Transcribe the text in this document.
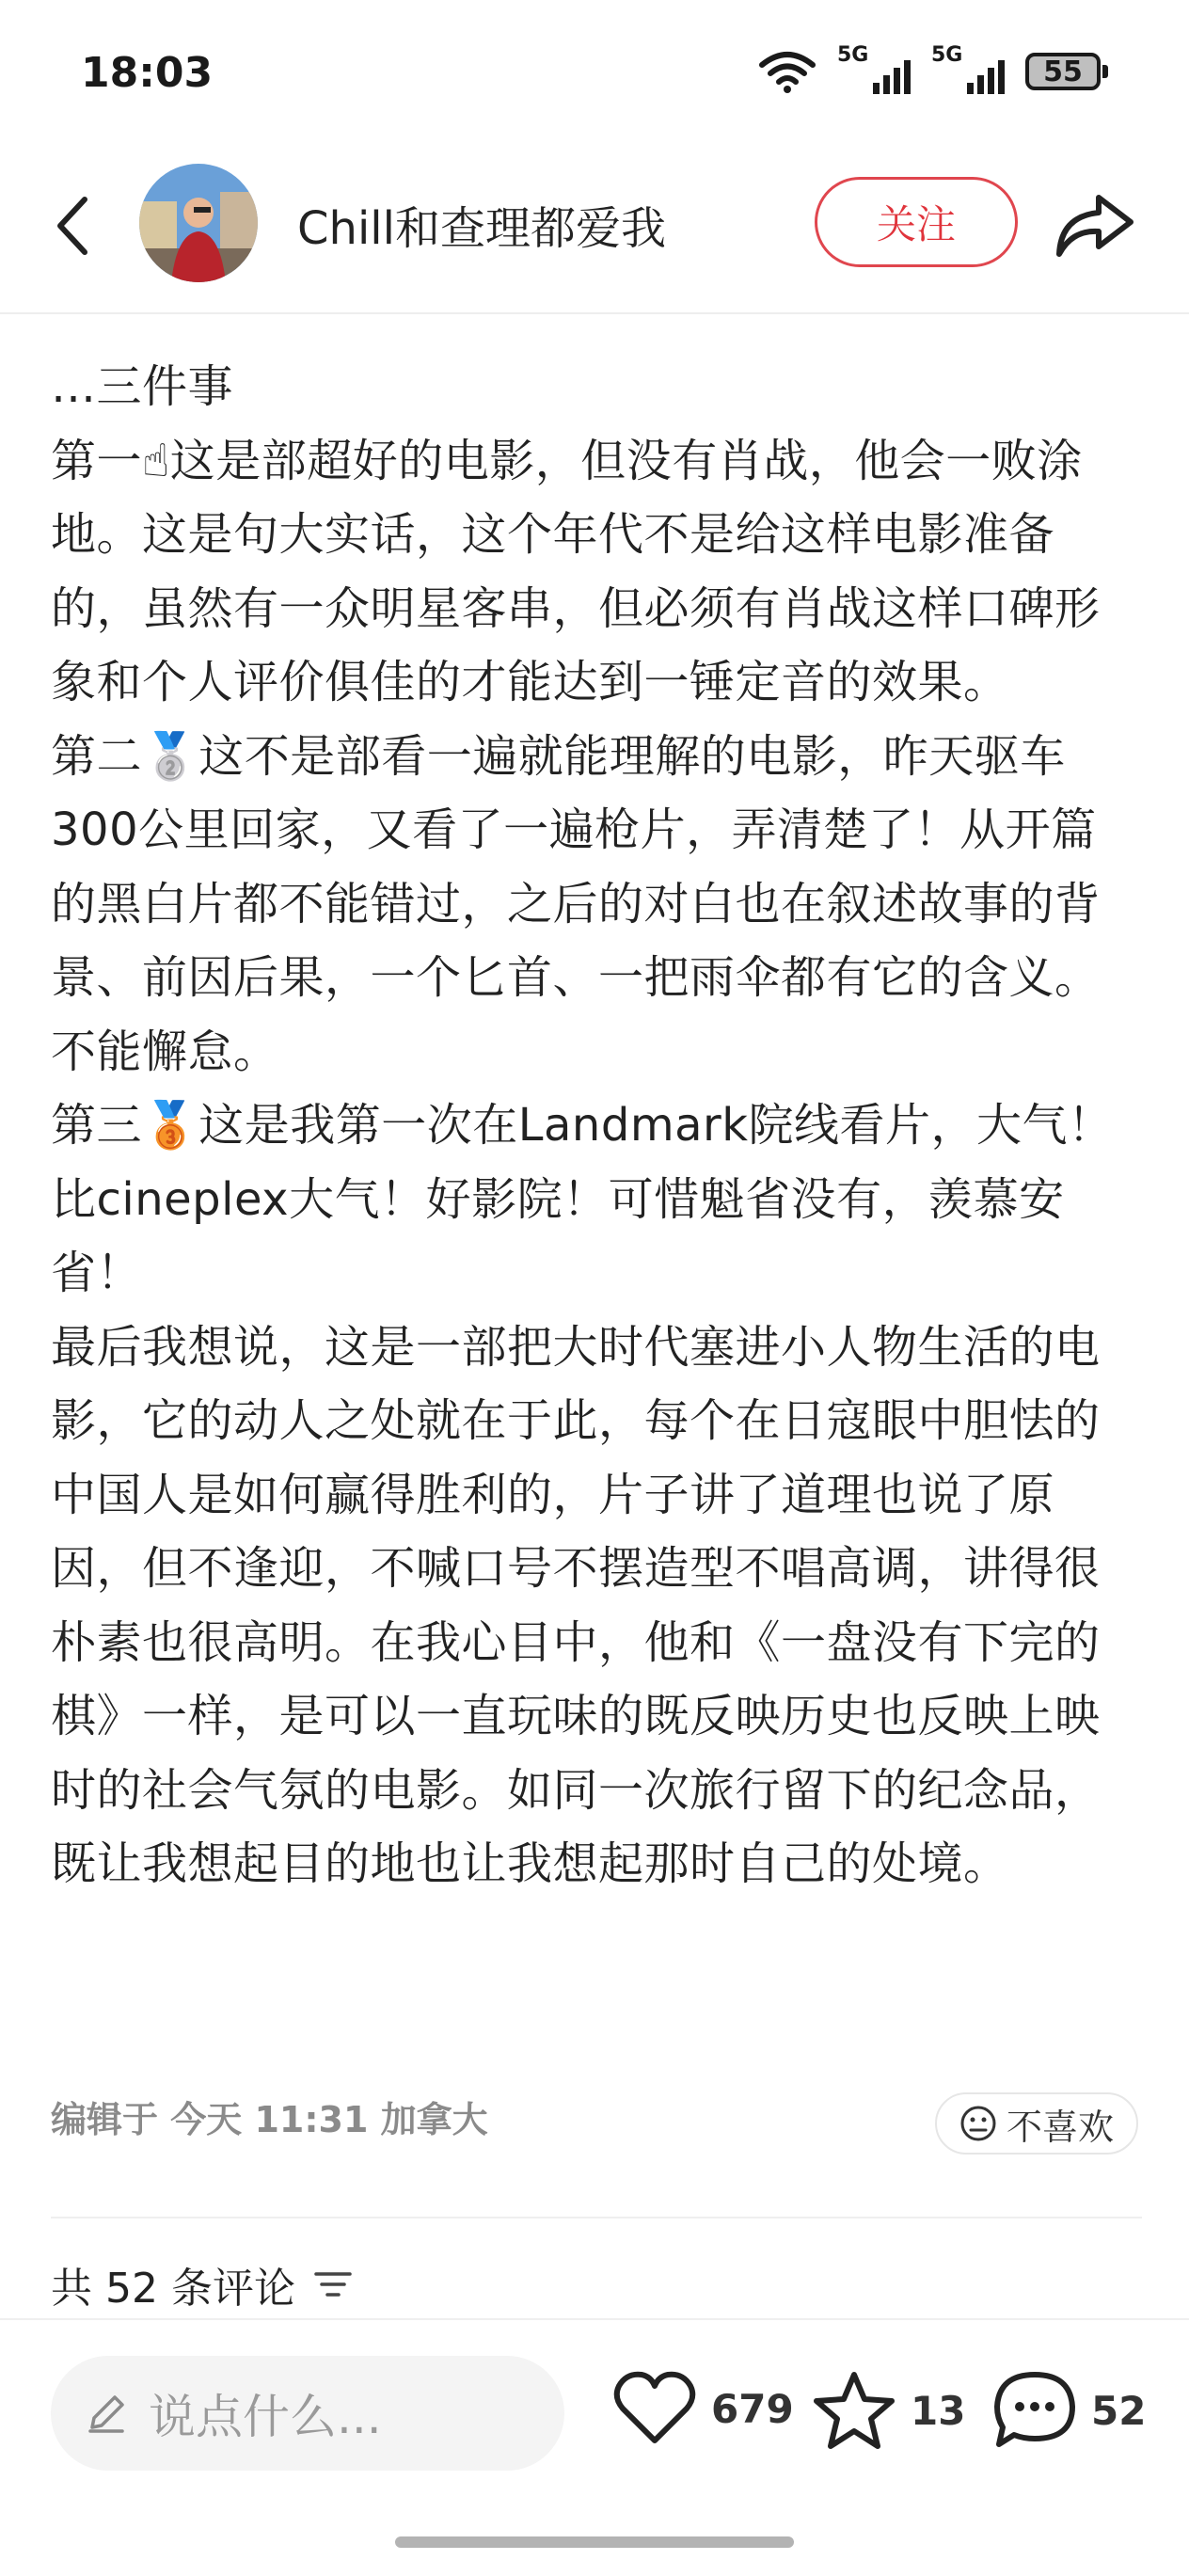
18:03	5G	5G	55
Chill和查理都爱我	关注

…三件事

第一☝这是部超好的电影，但没有肖战，他会一败涂地。这是句大实话，这个年代不是给这样电影准备的，虽然有一众明星客串，但必须有肖战这样口碑形象和个人评价俱佳的才能达到一锤定音的效果。

第二🥈这不是部看一遍就能理解的电影，昨天驱车300公里回家，又看了一遍枪片，弄清楚了！从开篇的黑白片都不能错过，之后的对白也在叙述故事的背景、前因后果，一个匕首、一把雨伞都有它的含义。不能懈怠。

第三🥉这是我第一次在Landmark院线看片，大气！比cineplex大气！好影院！可惜魁省没有，羡慕安省！

最后我想说，这是一部把大时代塞进小人物生活的电影，它的动人之处就在于此，每个在日寇眼中胆怯的中国人是如何赢得胜利的，片子讲了道理也说了原因，但不逢迎，不喊口号不摆造型不唱高调，讲得很朴素也很高明。在我心目中，他和《一盘没有下完的棋》一样，是可以一直玩味的既反映历史也反映上映时的社会气氛的电影。如同一次旅行留下的纪念品，既让我想起目的地也让我想起那时自己的处境。

编辑于 今天 11:31 加拿大	不喜欢
共 52 条评论
说点什么...	679	13	52
